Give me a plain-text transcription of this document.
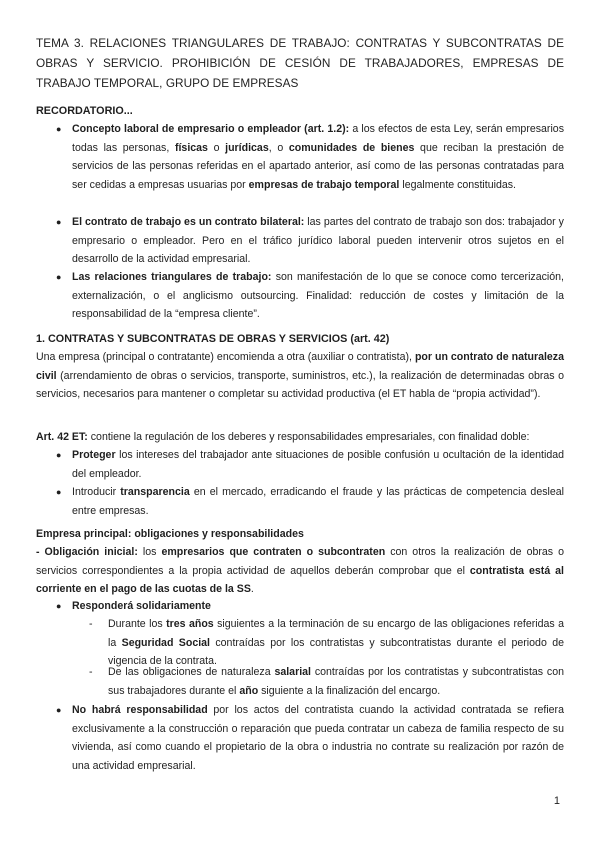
TEMA 3. RELACIONES TRIANGULARES DE TRABAJO: CONTRATAS Y SUBCONTRATAS DE
OBRAS Y SERVICIO. PROHIBICIÓN DE CESIÓN DE TRABAJADORES, EMPRESAS DE
TRABAJO TEMPORAL, GRUPO DE EMPRESAS

RECORDATORIO...

● Concepto laboral de empresario o empleador (art. 1.2): a los efectos de esta Ley, serán empresarios todas las personas, físicas o jurídicas, o comunidades de bienes que reciban la prestación de servicios de las personas referidas en el apartado anterior, así como de las personas contratadas para ser cedidas a empresas usuarias por empresas de trabajo temporal legalmente constituidas.

● El contrato de trabajo es un contrato bilateral: las partes del contrato de trabajo son dos: trabajador y empresario o empleador. Pero en el tráfico jurídico laboral pueden intervenir otros sujetos en el desarrollo de la actividad empresarial.

● Las relaciones triangulares de trabajo: son manifestación de lo que se conoce como tercerización, externalización, o el anglicismo outsourcing. Finalidad: reducción de costes y limitación de la responsabilidad de la “empresa cliente”.

1. CONTRATAS Y SUBCONTRATAS DE OBRAS Y SERVICIOS (art. 42)

Una empresa (principal o contratante) encomienda a otra (auxiliar o contratista), por un contrato de naturaleza civil (arrendamiento de obras o servicios, transporte, suministros, etc.), la realización de determinadas obras o servicios, necesarios para mantener o completar su actividad productiva (el ET habla de “propia actividad”).

Art. 42 ET: contiene la regulación de los deberes y responsabilidades empresariales, con finalidad doble:

● Proteger los intereses del trabajador ante situaciones de posible confusión u ocultación de la identidad del empleador.

● Introducir transparencia en el mercado, erradicando el fraude y las prácticas de competencia desleal entre empresas.

Empresa principal: obligaciones y responsabilidades

- Obligación inicial: los empresarios que contraten o subcontraten con otros la realización de obras o servicios correspondientes a la propia actividad de aquellos deberán comprobar que el contratista está al corriente en el pago de las cuotas de la SS.

● Responderá solidariamente

- Durante los tres años siguientes a la terminación de su encargo de las obligaciones referidas a la Seguridad Social contraídas por los contratistas y subcontratistas durante el periodo de vigencia de la contrata.

- De las obligaciones de naturaleza salarial contraídas por los contratistas y subcontratistas con sus trabajadores durante el año siguiente a la finalización del encargo.

● No habrá responsabilidad por los actos del contratista cuando la actividad contratada se refiera exclusivamente a la construcción o reparación que pueda contratar un cabeza de familia respecto de su vivienda, así como cuando el propietario de la obra o industria no contrate su realización por razón de una actividad empresarial.

1
